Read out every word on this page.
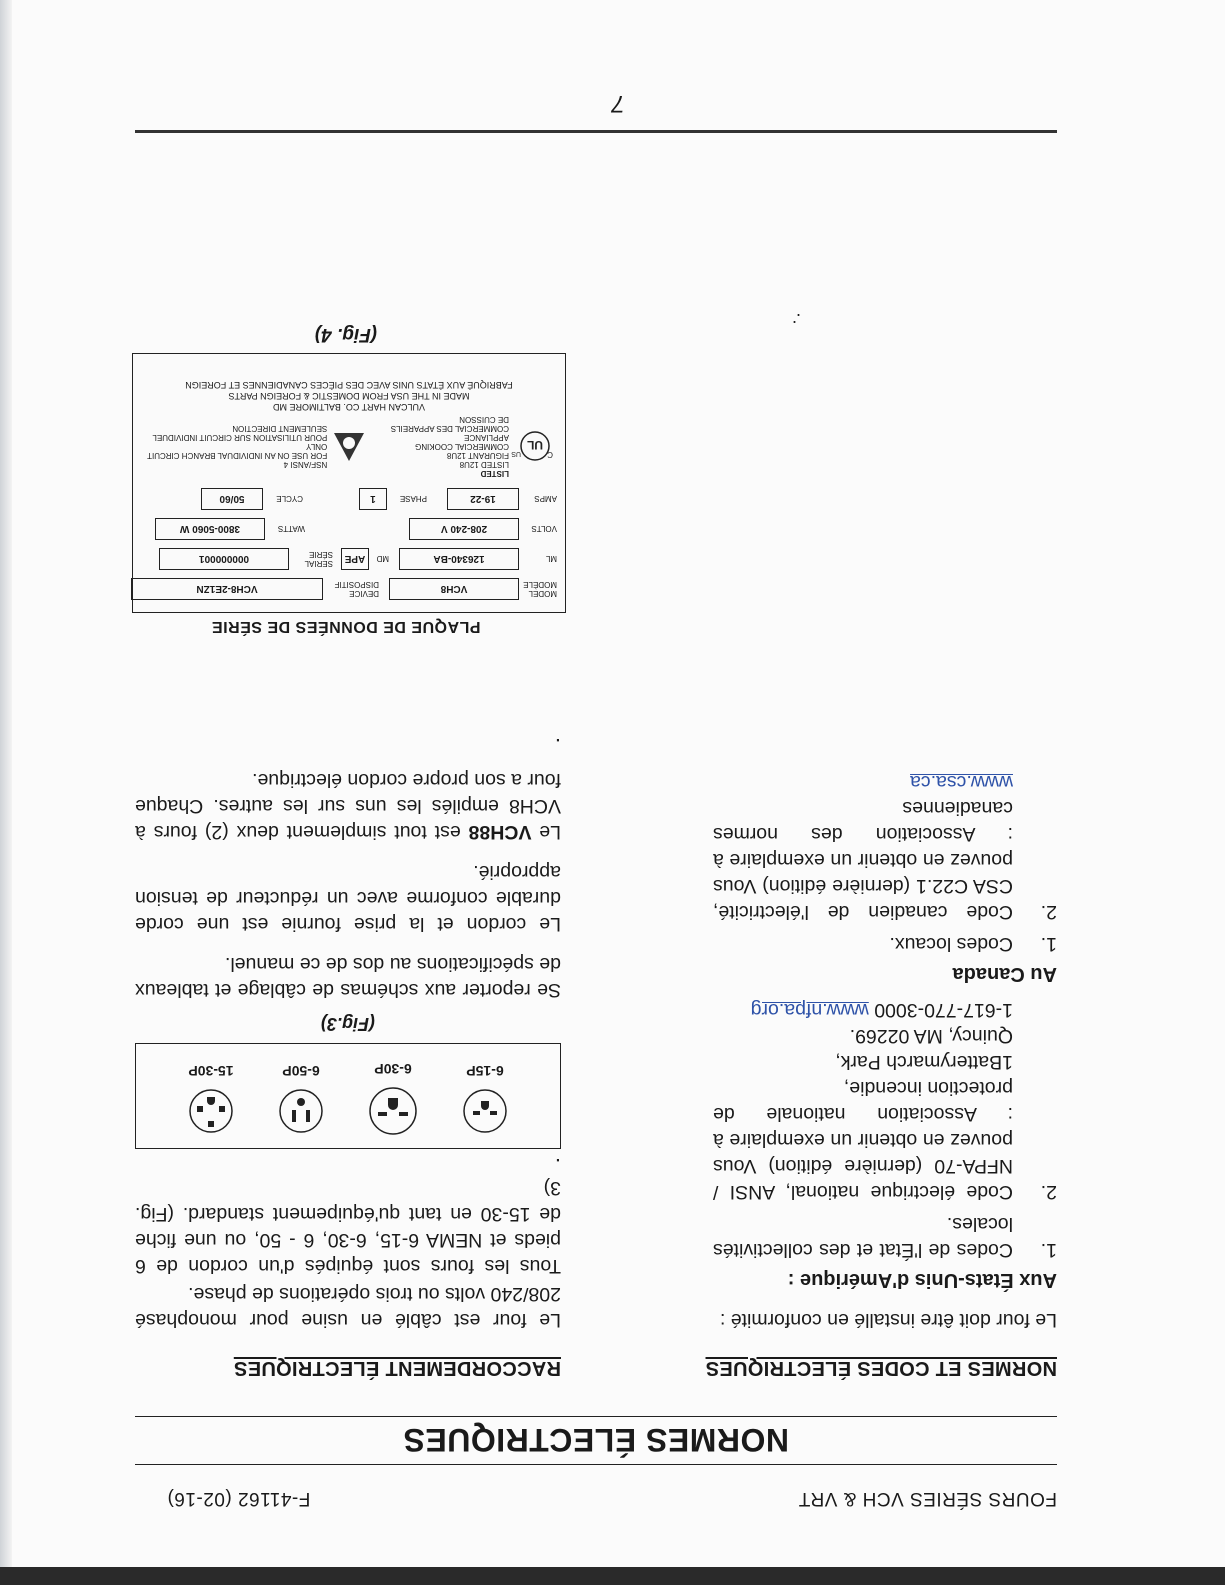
FOURS SÉRIES VCH & VRT
F-41162 (02-16)
NORMES ÉLECTRIQUES
NORMES ET CODES ÉLECTRIQUES

Le four doit être installé en conformité :

Aux États-Unis d'Amérique :
1.
Codes de l'État et des collectivités locales.
2.
Code électrique national, ANSI / NFPA-70 (dernière édition) Vous pouvez en obtenir un exemplaire à : Association nationale de protection incendie,
1Batterymarch Park,
Quincy, MA 02269.
1-617-770-3000 www.nfpa.org
Au Canada
1.
Codes locaux.
2.
Code canadien de l'électricité, CSA C22.1 (dernière édition) Vous pouvez en obtenir un exemplaire à : Association des normes canadiennes
www.csa.ca
.
RACCORDEMENT ÉLECTRIQUES

Le four est câblé en usine pour monophasé 208/240 volts ou trois opérations de phase.

Tous les fours sont équipés d'un cordon de 6 pieds et NEMA 6-15, 6-30, 6 - 50, ou une fiche de 15-30 en tant qu'équipement standard. (Fig. 3)

.
6-15P
6-30P
6-50P
15-30P
(Fig.3)

Se reporter aux schémas de câblage et tableaux de spécifications au dos de ce manuel.

Le cordon et la prise fournie est une corde durable conforme avec un réducteur de tension approprié.

Le VCH88 est tout simplement deux (2) fours à VCH8 empilés les uns sur les autres. Chaque four a son propre cordon électrique.

.
PLAQUE DE DONNÉES DE SÉRIE
MODEL MODÈLE
VCH8
DEVICE DISPOSITIF
VCH8-2E1ZN
ML
126340-BA
MD
APE
SERIAL SÉRIE
000000001
VOLTS
208-240 V
WATTS
3800-5060 W
AMPS
19-22
PHASE
1
CYCLE
50/60
UL
C
US
LISTED
LISTED 12U8
FIGURANT 12U8
COMMERCIAL COOKING APPLIANCE
COMMERCIAL DES APPAREILS DE CUISSON
NSF/ANSI 4
FOR USE ON AN INDIVIDUAL BRANCH CIRCUIT ONLY
POUR UTILISATION SUR CIRCUIT INDIVIDUEL SEULEMENT DIRECTION
VULCAN HART CO. BALTIMORE MD
MADE IN THE USA FROM DOMESTIC & FOREIGN PARTS
FABRIQUÉ AUX ÉTATS UNIS AVEC DES PIÈCES CANADIENNES ET FOREIGN
(Fig. 4)	.
7
